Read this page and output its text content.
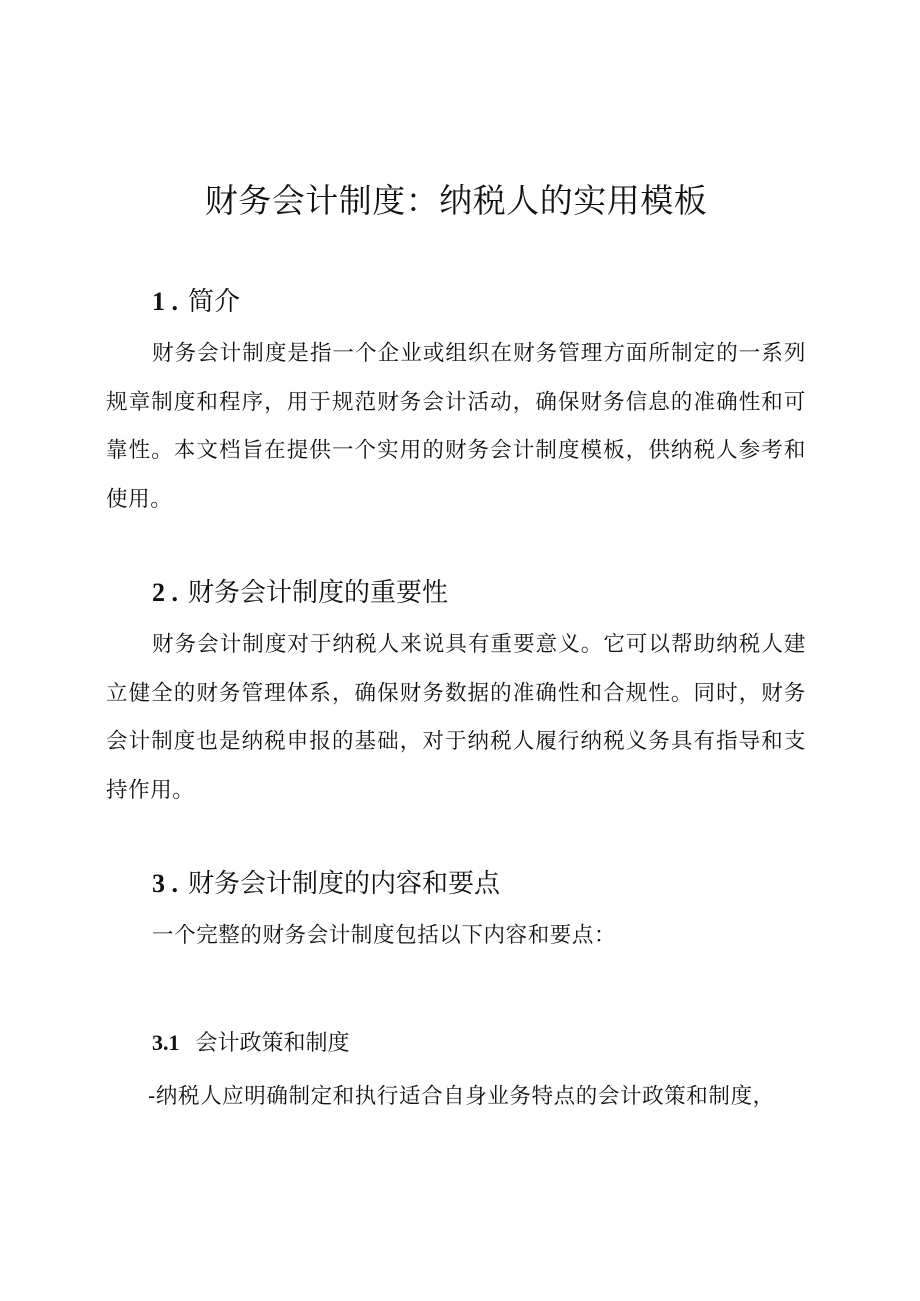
财务会计制度：纳税人的实用模板
1 . 简介

财务会计制度是指一个企业或组织在财务管理方面所制定的一系列规章制度和程序，用于规范财务会计活动，确保财务信息的准确性和可靠性。本文档旨在提供一个实用的财务会计制度模板，供纳税人参考和使用。

2 . 财务会计制度的重要性

财务会计制度对于纳税人来说具有重要意义。它可以帮助纳税人建立健全的财务管理体系，确保财务数据的准确性和合规性。同时，财务会计制度也是纳税申报的基础，对于纳税人履行纳税义务具有指导和支持作用。

3 . 财务会计制度的内容和要点

一个完整的财务会计制度包括以下内容和要点：

3.1 会计政策和制度

-纳税人应明确制定和执行适合自身业务特点的会计政策和制度，
